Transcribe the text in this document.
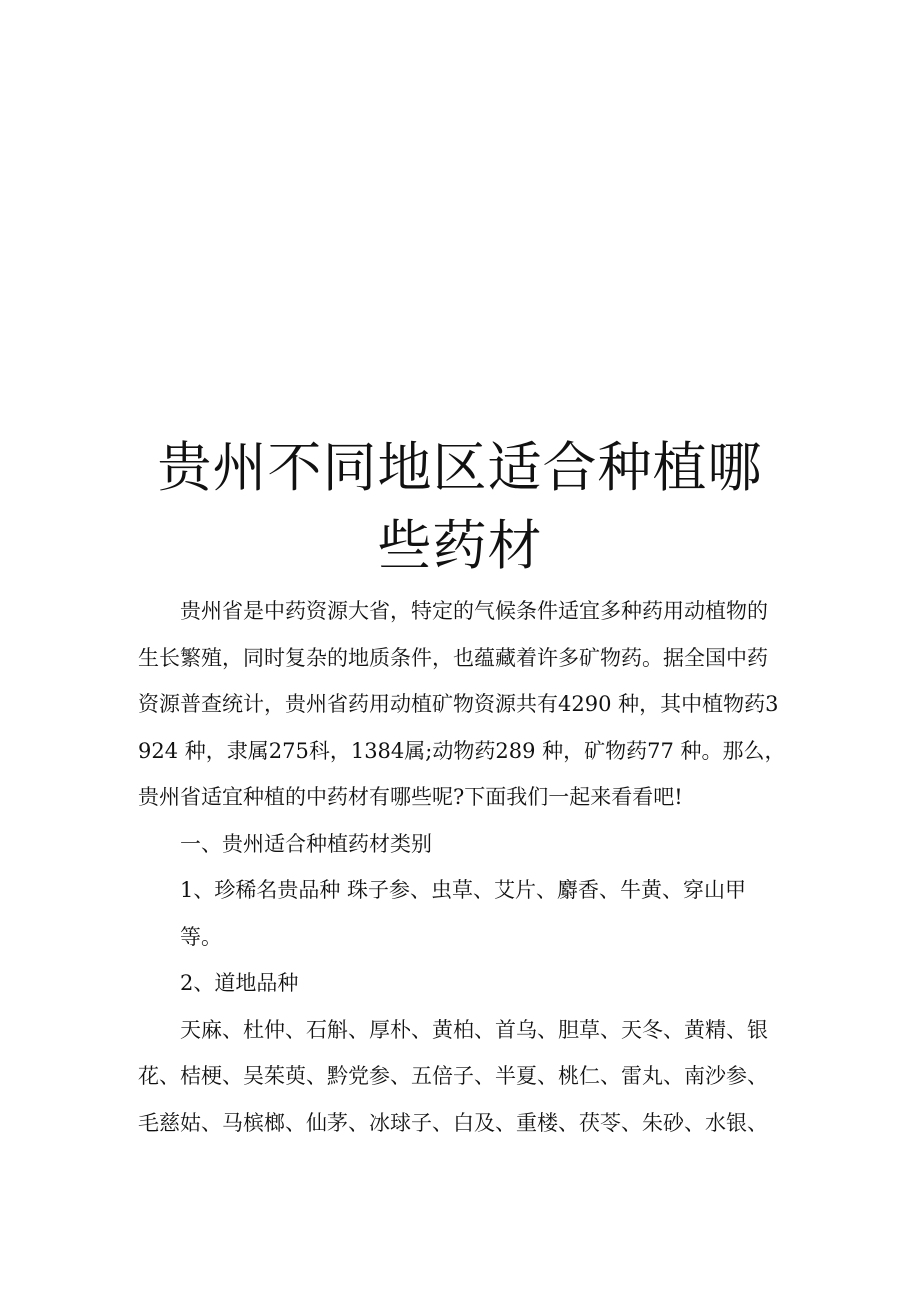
贵州不同地区适合种植哪
些药材

贵州省是中药资源大省，特定的气候条件适宜多种药用动植物的生长繁殖，同时复杂的地质条件，也蕴藏着许多矿物药。据全国中药资源普查统计，贵州省药用动植矿物资源共有4290 种，其中植物药3924 种，隶属275科，1384属;动物药289 种，矿物药77 种。那么，贵州省适宜种植的中药材有哪些呢?下面我们一起来看看吧!

一、贵州适合种植药材类别

1、珍稀名贵品种 珠子参、虫草、艾片、麝香、牛黄、穿山甲

等。

2、道地品种

天麻、杜仲、石斛、厚朴、黄柏、首乌、胆草、天冬、黄精、银花、桔梗、吴茱萸、黔党参、五倍子、半夏、桃仁、雷丸、南沙参、毛慈姑、马槟榔、仙茅、冰球子、白及、重楼、茯苓、朱砂、水银、
